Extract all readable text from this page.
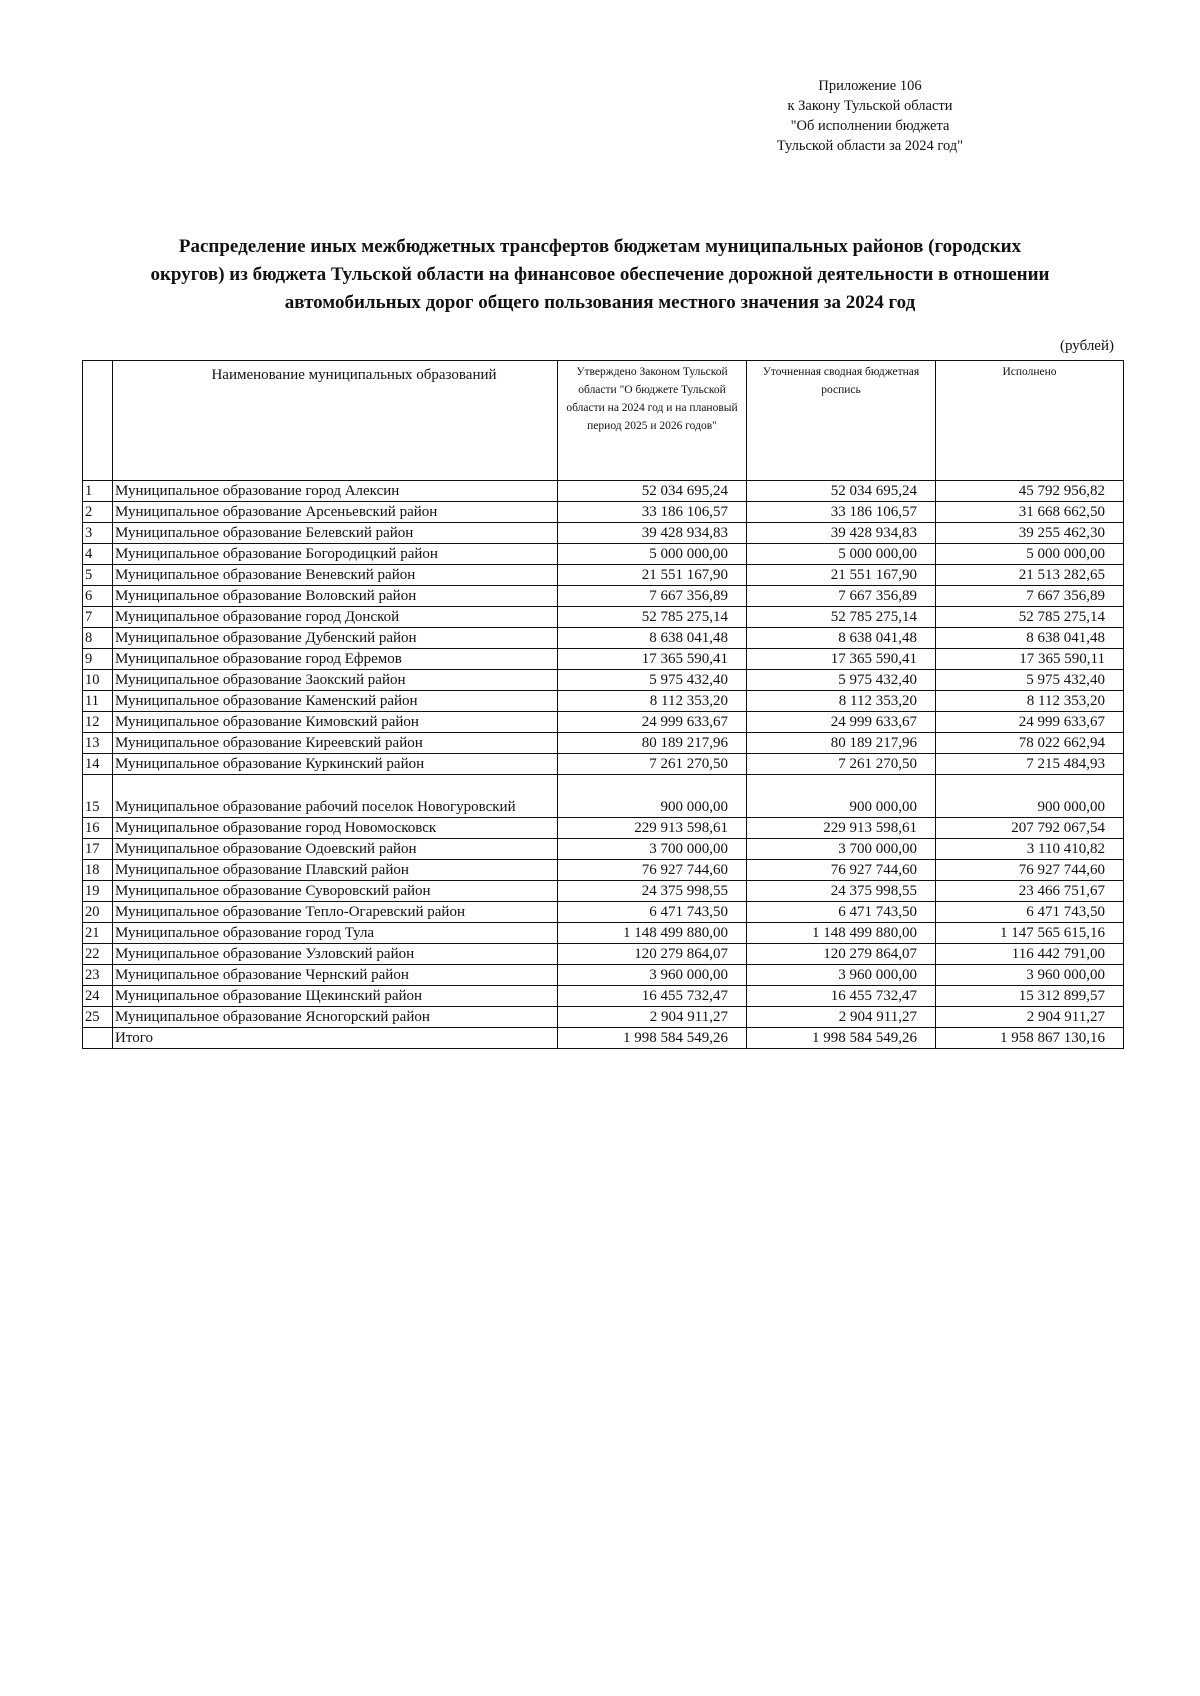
Приложение 106
к Закону Тульской области
"Об исполнении бюджета
Тульской области за 2024 год"
Распределение иных межбюджетных трансфертов бюджетам муниципальных районов (городских
округов) из бюджета Тульской области на финансовое обеспечение дорожной деятельности в отношении
автомобильных дорог общего пользования местного значения за 2024 год
(рублей)
	Наименование муниципальных образований	Утверждено Законом Тульской области "О бюджете Тульской области на 2024 год и на плановый период 2025 и 2026 годов"	Уточненная сводная бюджетная роспись	Исполнено
1	Муниципальное образование город Алексин	52 034 695,24	52 034 695,24	45 792 956,82
2	Муниципальное образование Арсеньевский район	33 186 106,57	33 186 106,57	31 668 662,50
3	Муниципальное образование Белевский район	39 428 934,83	39 428 934,83	39 255 462,30
4	Муниципальное образование Богородицкий район	5 000 000,00	5 000 000,00	5 000 000,00
5	Муниципальное образование Веневский район	21 551 167,90	21 551 167,90	21 513 282,65
6	Муниципальное образование Воловский район	7 667 356,89	7 667 356,89	7 667 356,89
7	Муниципальное образование город Донской	52 785 275,14	52 785 275,14	52 785 275,14
8	Муниципальное образование Дубенский район	8 638 041,48	8 638 041,48	8 638 041,48
9	Муниципальное образование город Ефремов	17 365 590,41	17 365 590,41	17 365 590,11
10	Муниципальное образование Заокский район	5 975 432,40	5 975 432,40	5 975 432,40
11	Муниципальное образование Каменский район	8 112 353,20	8 112 353,20	8 112 353,20
12	Муниципальное образование Кимовский район	24 999 633,67	24 999 633,67	24 999 633,67
13	Муниципальное образование Киреевский район	80 189 217,96	80 189 217,96	78 022 662,94
14	Муниципальное образование Куркинский район	7 261 270,50	7 261 270,50	7 215 484,93
15	Муниципальное образование рабочий поселок Новогуровский	900 000,00	900 000,00	900 000,00
16	Муниципальное образование город Новомосковск	229 913 598,61	229 913 598,61	207 792 067,54
17	Муниципальное образование Одоевский район	3 700 000,00	3 700 000,00	3 110 410,82
18	Муниципальное образование Плавский район	76 927 744,60	76 927 744,60	76 927 744,60
19	Муниципальное образование Суворовский район	24 375 998,55	24 375 998,55	23 466 751,67
20	Муниципальное образование Тепло-Огаревский район	6 471 743,50	6 471 743,50	6 471 743,50
21	Муниципальное образование город Тула	1 148 499 880,00	1 148 499 880,00	1 147 565 615,16
22	Муниципальное образование Узловский район	120 279 864,07	120 279 864,07	116 442 791,00
23	Муниципальное образование Чернский район	3 960 000,00	3 960 000,00	3 960 000,00
24	Муниципальное образование Щекинский район	16 455 732,47	16 455 732,47	15 312 899,57
25	Муниципальное образование Ясногорский район	2 904 911,27	2 904 911,27	2 904 911,27
	Итого	1 998 584 549,26	1 998 584 549,26	1 958 867 130,16
